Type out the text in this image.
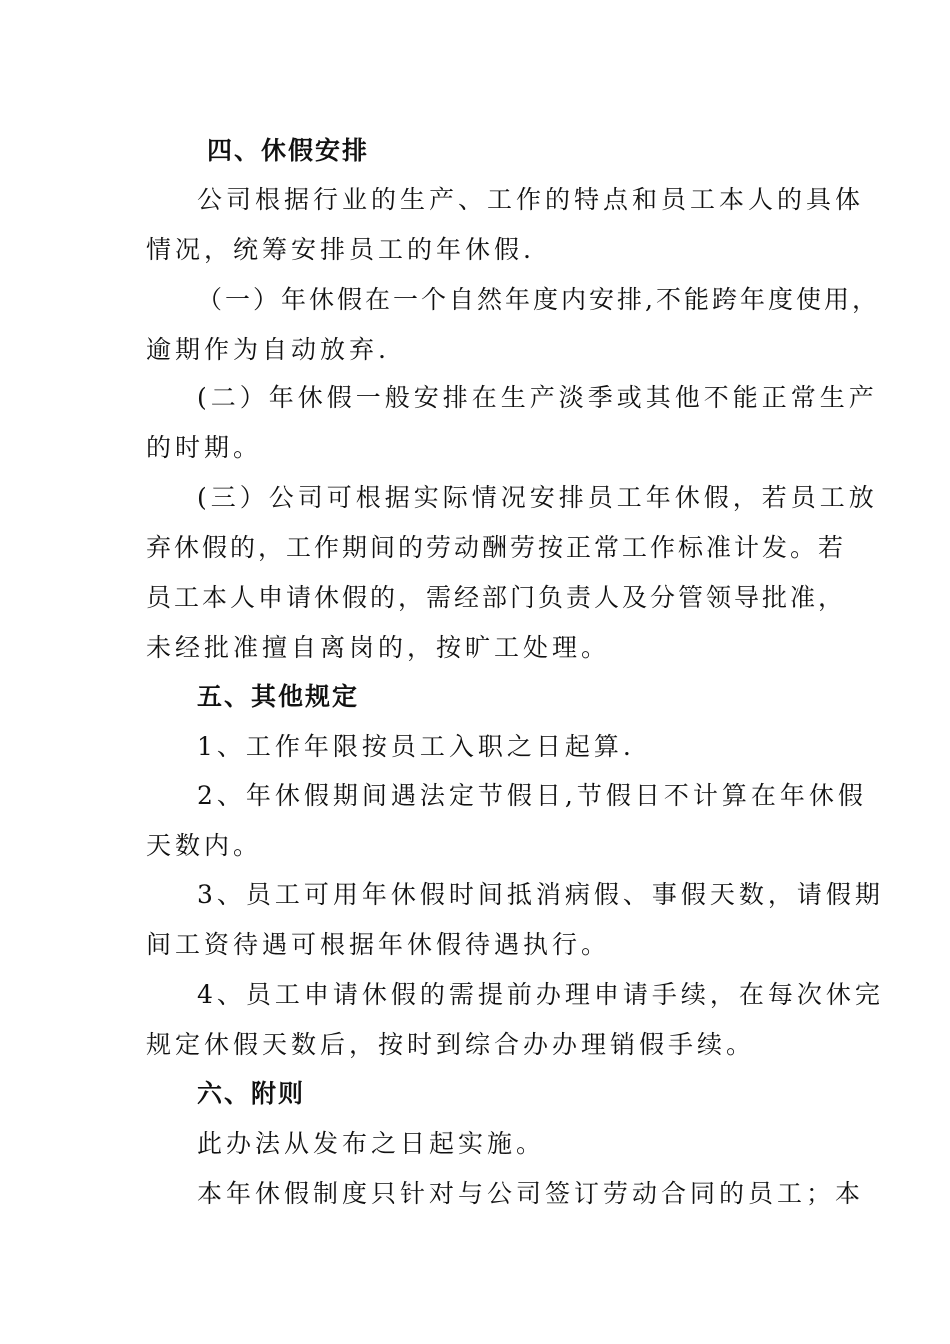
四、休假安排

公司根据行业的生产、工作的特点和员工本人的具体

情况，统筹安排员工的年休假.

（一）年休假在一个自然年度内安排,不能跨年度使用，

逾期作为自动放弃.

(二）年休假一般安排在生产淡季或其他不能正常生产

的时期。

(三）公司可根据实际情况安排员工年休假，若员工放

弃休假的，工作期间的劳动酬劳按正常工作标准计发。若

员工本人申请休假的，需经部门负责人及分管领导批准，

未经批准擅自离岗的，按旷工处理。

五、其他规定

1、工作年限按员工入职之日起算.

2、年休假期间遇法定节假日,节假日不计算在年休假

天数内。

3、员工可用年休假时间抵消病假、事假天数，请假期

间工资待遇可根据年休假待遇执行。

4、员工申请休假的需提前办理申请手续，在每次休完

规定休假天数后，按时到综合办办理销假手续。

六、附则

此办法从发布之日起实施。

本年休假制度只针对与公司签订劳动合同的员工；本
